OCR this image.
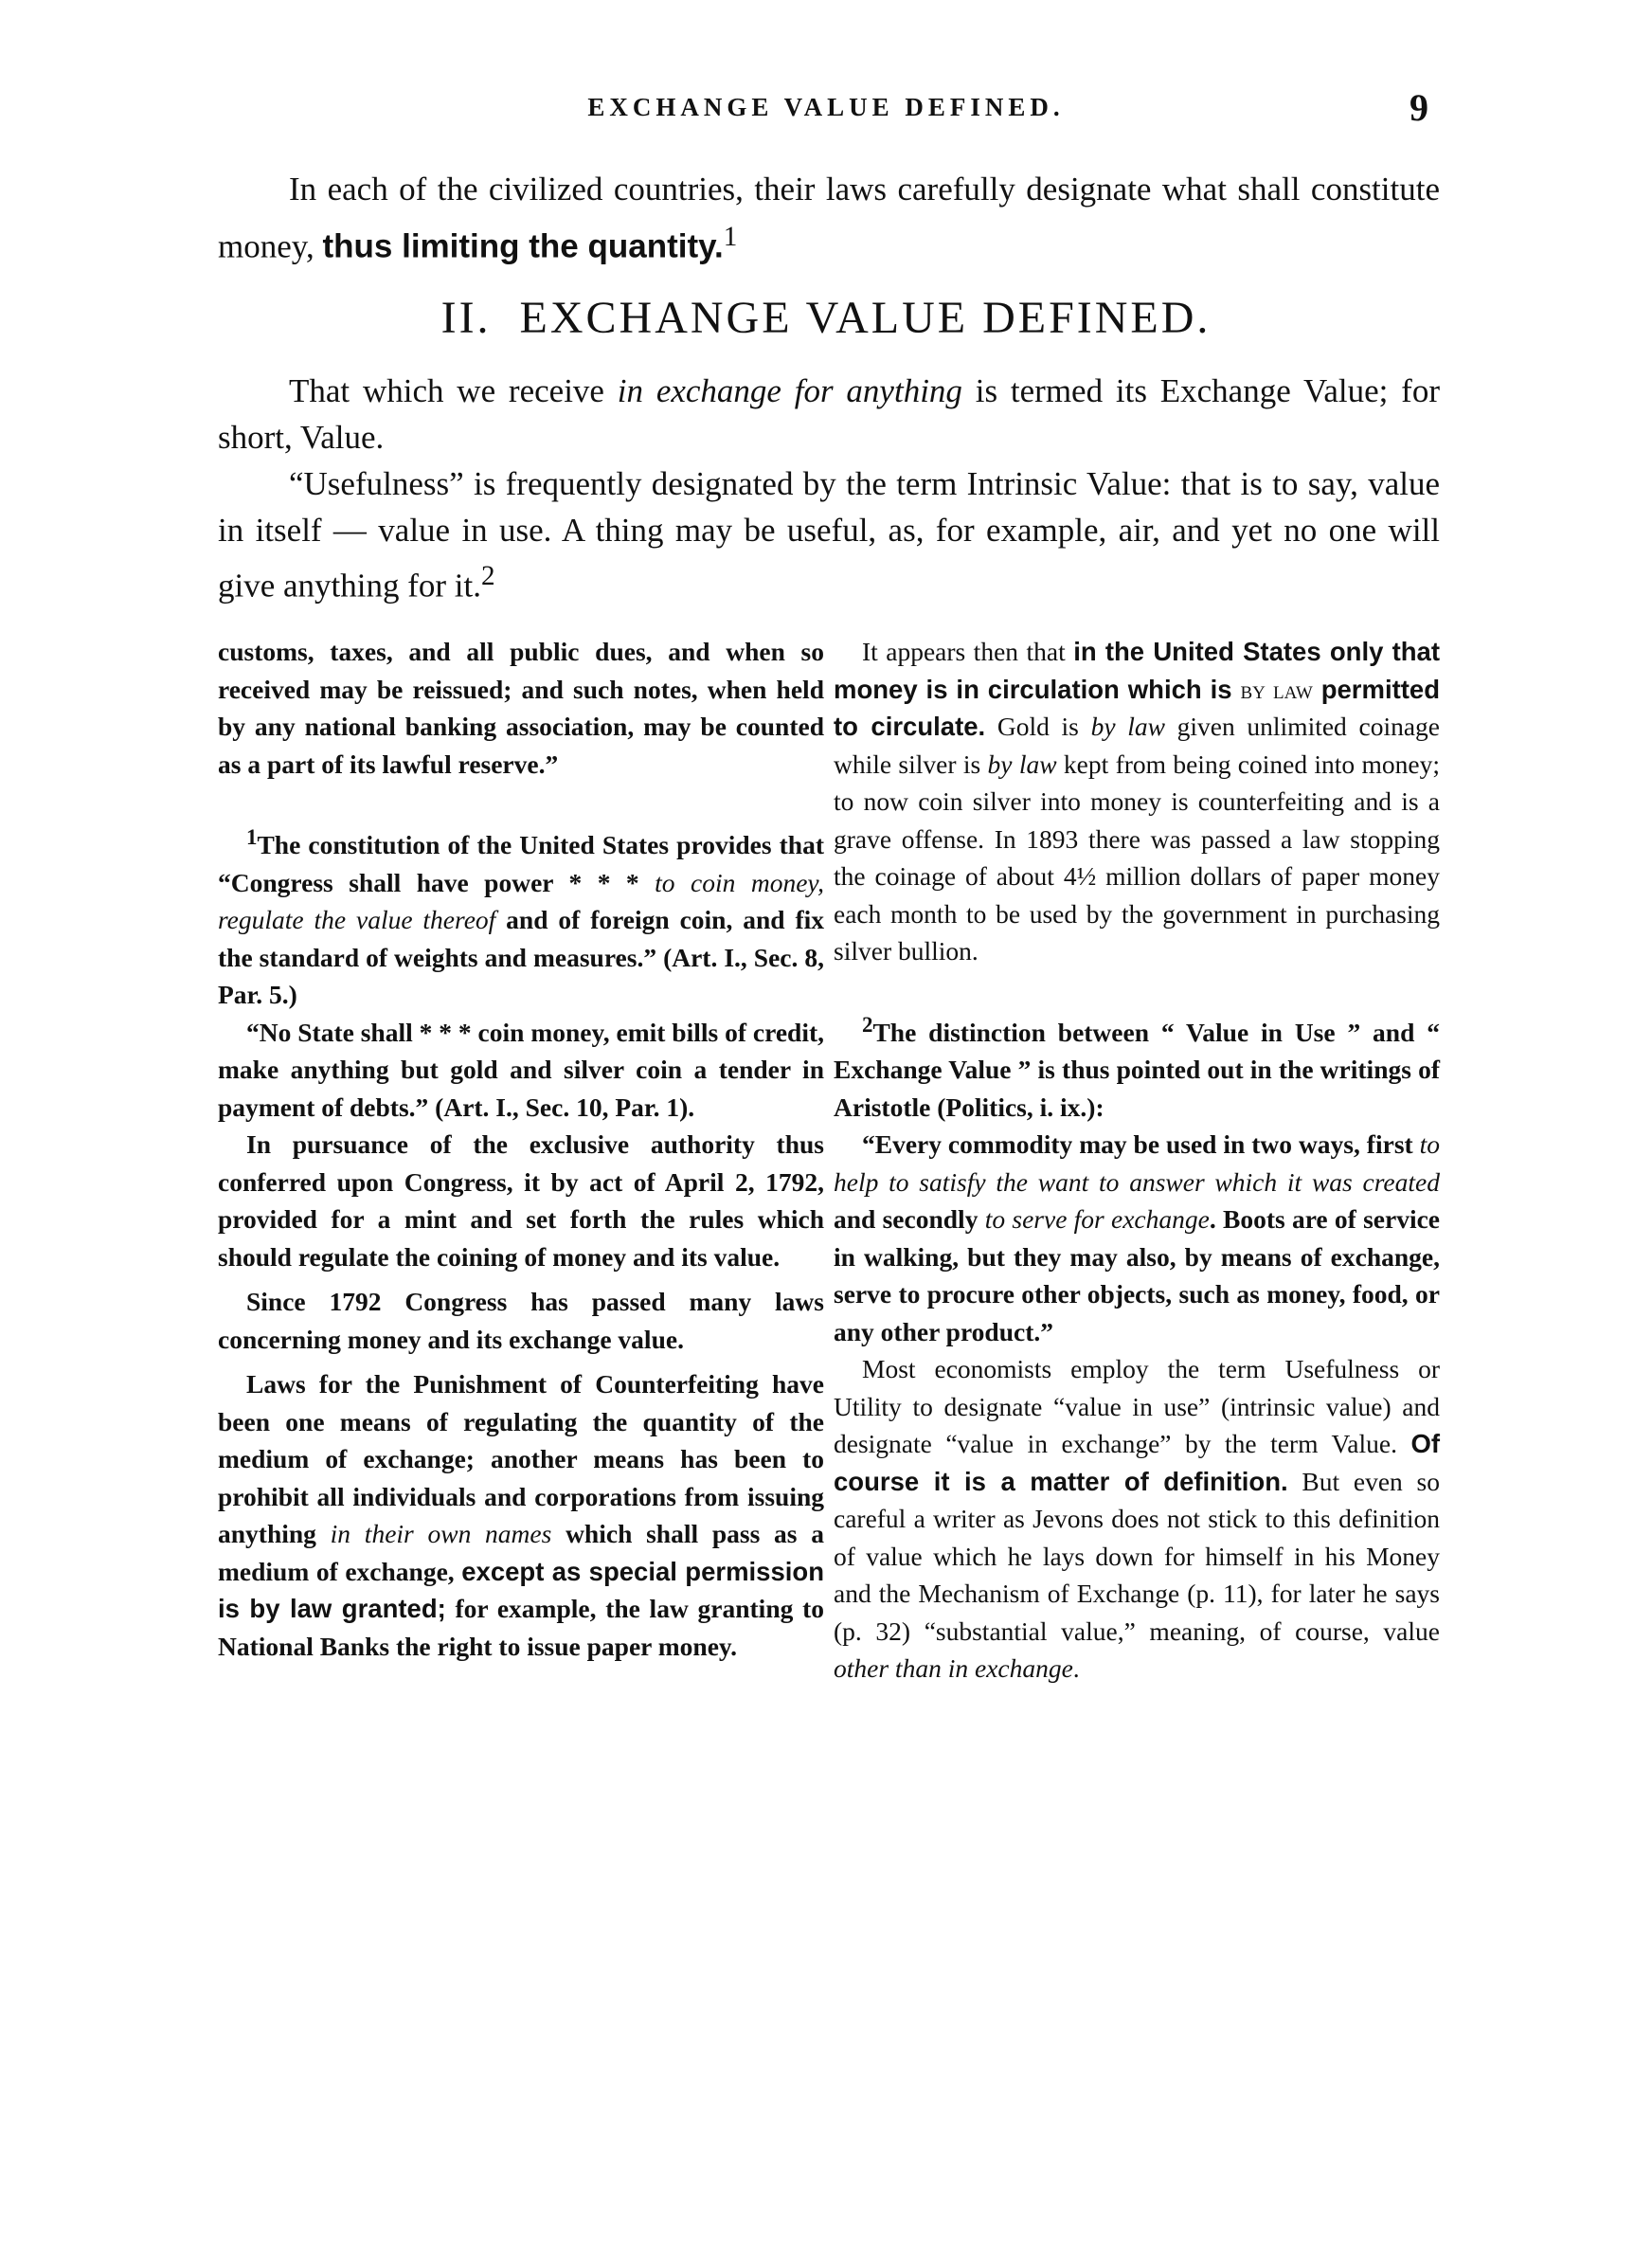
EXCHANGE VALUE DEFINED.	9

In each of the civilized countries, their laws carefully designate what shall constitute money, thus limiting the quantity.$^1$

II. EXCHANGE VALUE DEFINED.

That which we receive in exchange for anything is termed its Exchange Value; for short, Value.

“Usefulness” is frequently designated by the term Intrinsic Value: that is to say, value in itself — value in use. A thing may be useful, as, for example, air, and yet no one will give anything for it.$^2$

customs, taxes, and all public dues, and when so received may be reissued; and such notes, when held by any national banking association, may be counted as a part of its lawful reserve.”

$^1$The constitution of the United States provides that “Congress shall have power * * * to coin money, regulate the value thereof and of foreign coin, and fix the standard of weights and measures.” (Art. I., Sec. 8, Par. 5.)

“No State shall * * * coin money, emit bills of credit, make anything but gold and silver coin a tender in payment of debts.” (Art. I., Sec. 10, Par. 1).

In pursuance of the exclusive authority thus conferred upon Congress, it by act of April 2, 1792, provided for a mint and set forth the rules which should regulate the coining of money and its value.

Since 1792 Congress has passed many laws concerning money and its exchange value.

Laws for the Punishment of Counterfeiting have been one means of regulating the quantity of the medium of exchange; another means has been to prohibit all individuals and corporations from issuing anything in their own names which shall pass as a medium of exchange, except as special permission is by law granted; for example, the law granting to National Banks the right to issue paper money.

It appears then that in the United States only that money is in circulation which is by law permitted to circulate. Gold is by law given unlimited coinage while silver is by law kept from being coined into money; to now coin silver into money is counterfeiting and is a grave offense. In 1893 there was passed a law stopping the coinage of about 4½ million dollars of paper money each month to be used by the government in purchasing silver bullion.

$^2$The distinction between “ Value in Use ” and “ Exchange Value ” is thus pointed out in the writings of Aristotle (Politics, i. ix.):

“Every commodity may be used in two ways, first to help to satisfy the want to answer which it was created and secondly to serve for exchange. Boots are of service in walking, but they may also, by means of exchange, serve to procure other objects, such as money, food, or any other product.”

Most economists employ the term Usefulness or Utility to designate “value in use” (intrinsic value) and designate “value in exchange” by the term Value. Of course it is a matter of definition. But even so careful a writer as Jevons does not stick to this definition of value which he lays down for himself in his Money and the Mechanism of Exchange (p. 11), for later he says (p. 32) “substantial value,” meaning, of course, value other than in exchange.
